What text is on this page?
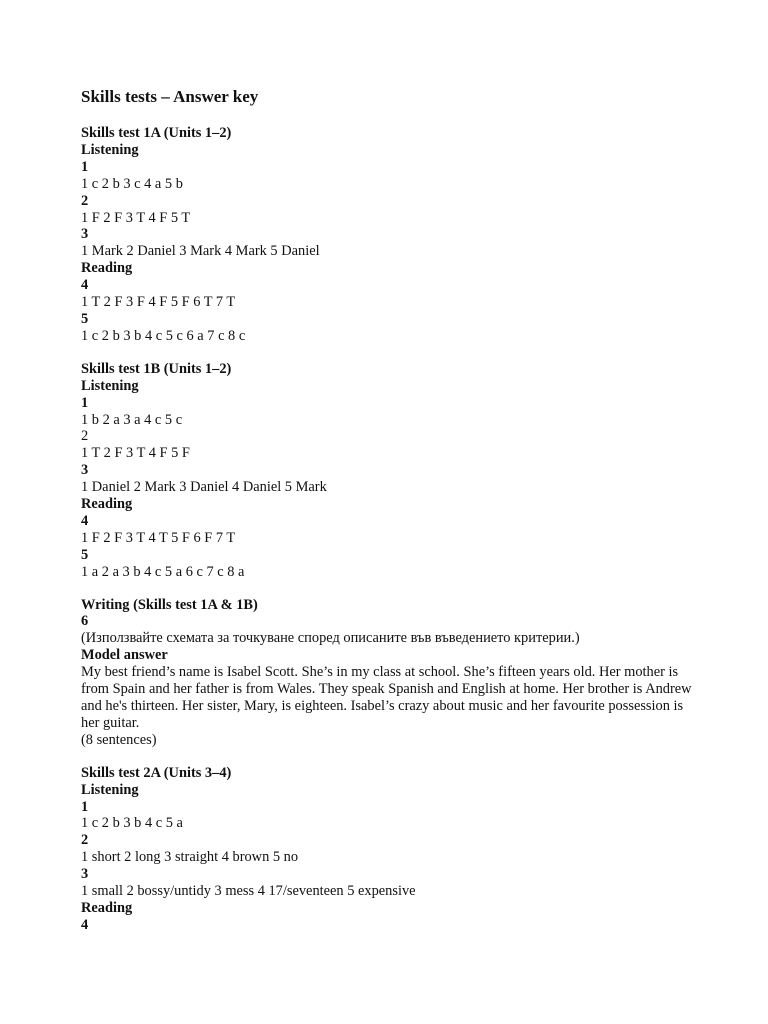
Skills tests – Answer key
Skills test 1A (Units 1–2)
Listening
1
1 c 2 b 3 c 4 a 5 b
2
1 F 2 F 3 T 4 F 5 T
3
1 Mark 2 Daniel 3 Mark 4 Mark 5 Daniel
Reading
4
1 T 2 F 3 F 4 F 5 F 6 T 7 T
5
1 c 2 b 3 b 4 c 5 c 6 a 7 c 8 c
Skills test 1B (Units 1–2)
Listening
1
1 b 2 a 3 a 4 c 5 c
2
1 T 2 F 3 T 4 F 5 F
3
1 Daniel 2 Mark 3 Daniel 4 Daniel 5 Mark
Reading
4
1 F 2 F 3 T 4 T 5 F 6 F 7 T
5
1 a 2 a 3 b 4 c 5 a 6 c 7 c 8 a
Writing (Skills test 1A & 1B)
6
(Използвайте схемата за точкуване според описаните във въведението критерии.)
Model answer
My best friend’s name is Isabel Scott. She’s in my class at school. She’s fifteen years old. Her mother is from Spain and her father is from Wales. They speak Spanish and English at home. Her brother is Andrew and he's thirteen. Her sister, Mary, is eighteen. Isabel’s crazy about music and her favourite possession is her guitar.
(8 sentences)
Skills test 2A (Units 3–4)
Listening
1
1 c 2 b 3 b 4 c 5 a
2
1 short 2 long 3 straight 4 brown 5 no
3
1 small 2 bossy/untidy 3 mess 4 17/seventeen 5 expensive
Reading
4
